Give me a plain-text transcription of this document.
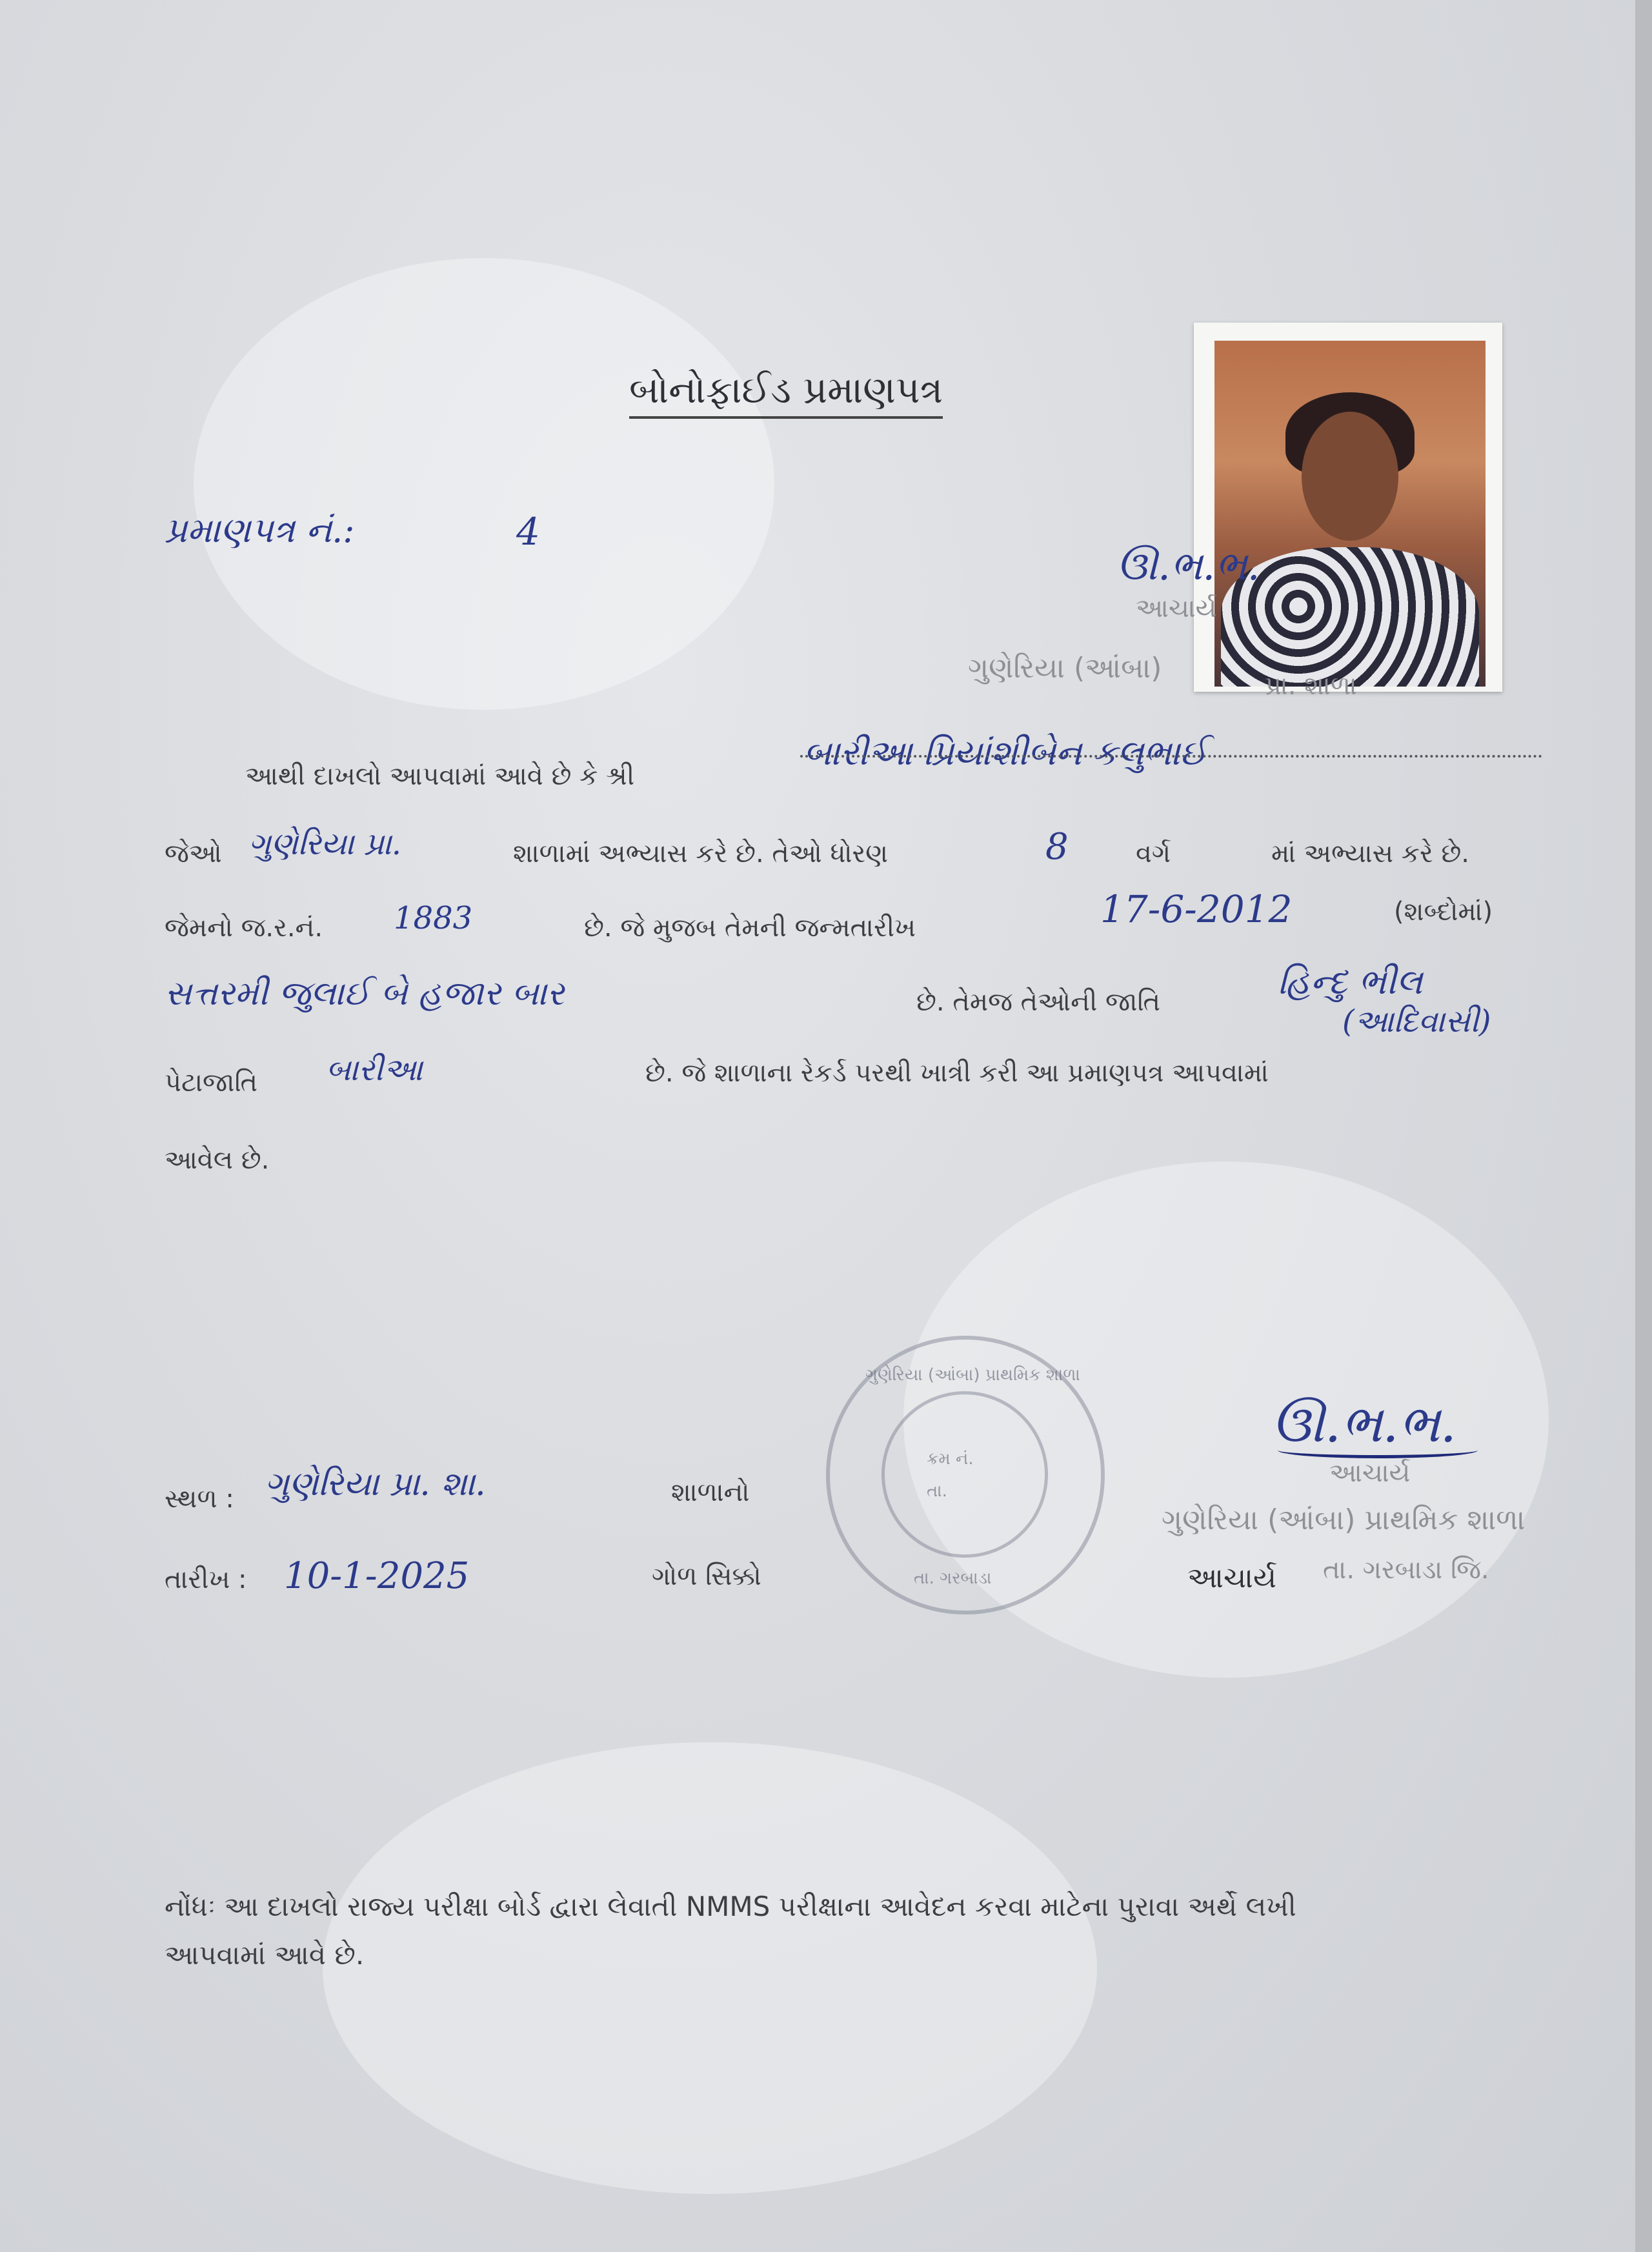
બોનોફાઈડ પ્રમાણપત્ર
પ્રમાણપત્ર નં.:	4
ઊ.ભ.ભ.
આચાર્ય
ગુણેરિયા (આંબા)
પ્રા. શાળા
આથી દાખલો આપવામાં આવે છે કે શ્રી
બારીઆ પ્રિયાંશીબેન કલુભાઈ
જેઓ ગુણેરિયા પ્રા.	શાળામાં અભ્યાસ કરે છે. તેઓ ધોરણ	8	વર્ગ	માં અભ્યાસ કરે છે.
જેમનો જ.ર.નં. 1883	છે. જે મુજબ તેમની જન્મતારીખ	17-6-2012	(શબ્દોમાં)
સત્તરમી જુલાઈ બે હજાર બાર	છે. તેમજ તેઓની જાતિ	હિન્દુ ભીલ
(આદિવાસી)
પેટાજાતિ બારીઆ	છે. જે શાળાના રેકર્ડ પરથી ખાત્રી કરી આ પ્રમાણપત્ર આપવામાં
આવેલ છે.
ગુણેરિયા (આંબા) પ્રાથમિક શાળા
ક્રમ નં.
તા.
તા. ગરબાડા
ઊ.ભ.ભ.
આચાર્ય
ગુણેરિયા (આંબા) પ્રાથમિક શાળા
તા. ગરબાડા જિ.
સ્થળ : ગુણેરિયા પ્રા. શા.	શાળાનો
તારીખ : 10-1-2025	ગોળ સિક્કો	આચાર્ય
નોંધઃ આ દાખલો રાજ્ય પરીક્ષા બોર્ડ દ્વારા લેવાતી NMMS પરીક્ષાના આવેદન કરવા માટેના પુરાવા અર્થે લખી
આપવામાં આવે છે.
